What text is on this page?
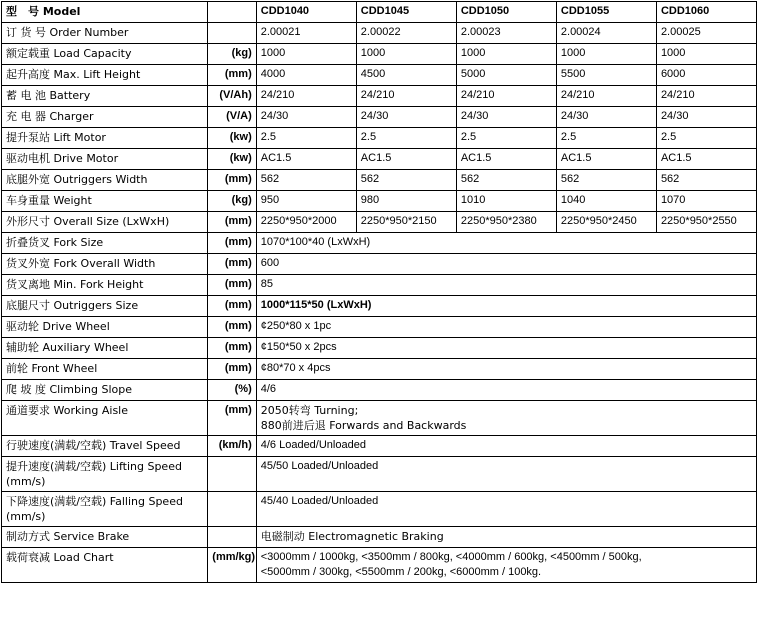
型　号 Model		CDD1040	CDD1045	CDD1050	CDD1055	CDD1060
订 货 号 Order Number		2.00021	2.00022	2.00023	2.00024	2.00025
额定载重 Load Capacity	(kg)	1000	1000	1000	1000	1000
起升高度 Max. Lift Height	(mm)	4000	4500	5000	5500	6000
蓄 电 池 Battery	(V/Ah)	24/210	24/210	24/210	24/210	24/210
充 电 器 Charger	(V/A)	24/30	24/30	24/30	24/30	24/30
提升泵站 Lift Motor	(kw)	2.5	2.5	2.5	2.5	2.5
驱动电机 Drive Motor	(kw)	AC1.5	AC1.5	AC1.5	AC1.5	AC1.5
底腿外宽 Outriggers Width	(mm)	562	562	562	562	562
车身重量 Weight	(kg)	950	980	1010	1040	1070
外形尺寸 Overall Size (LxWxH)	(mm)	2250*950*2000	2250*950*2150	2250*950*2380	2250*950*2450	2250*950*2550
折叠货叉 Fork Size	(mm)	1070*100*40 (LxWxH)				
货叉外宽 Fork Overall Width	(mm)	600				
货叉离地 Min. Fork Height	(mm)	85				
底腿尺寸 Outriggers Size	(mm)	1000*115*50 (LxWxH)				
驱动轮 Drive Wheel	(mm)	¢250*80 x 1pc				
辅助轮 Auxiliary Wheel	(mm)	¢150*50 x 2pcs				
前轮 Front Wheel	(mm)	¢80*70 x 4pcs				
爬 坡 度 Climbing Slope	(%)	4/6				
通道要求 Working Aisle	(mm)	2050转弯 Turning;
880前进后退 Forwards and Backwards				

行驶速度(满载/空载) Travel Speed	(km/h)	4/6 Loaded/Unloaded				

提升速度(满载/空载) Lifting Speed
(mm/s)		45/50 Loaded/Unloaded				

下降速度(满载/空载) Falling Speed
(mm/s)		45/40 Loaded/Unloaded				
制动方式 Service Brake		电磁制动 Electromagnetic Braking				
载荷衰减 Load Chart	(mm/kg)	<3000mm / 1000kg, <3500mm / 800kg, <4000mm / 600kg, <4500mm / 500kg,
<5000mm / 300kg, <5500mm / 200kg, <6000mm / 100kg.				
